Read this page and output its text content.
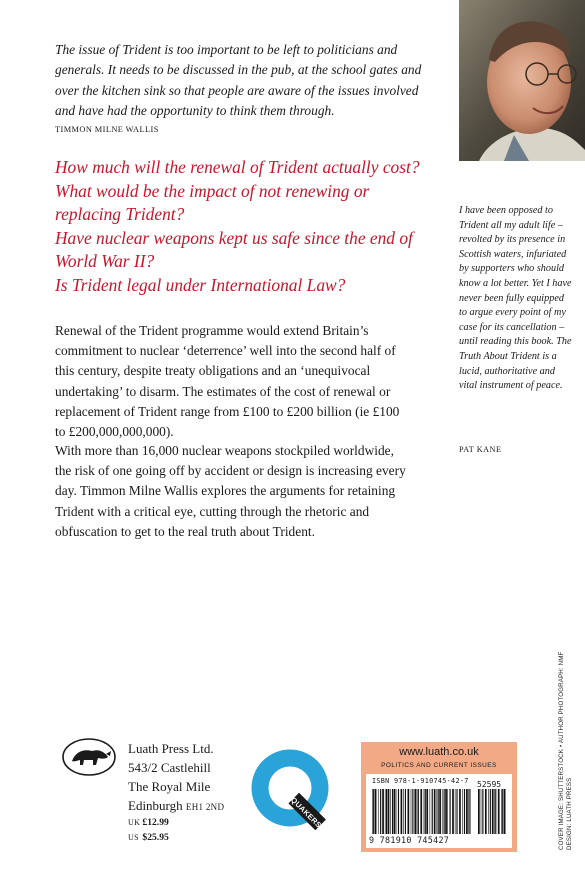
The issue of Trident is too important to be left to politicians and generals. It needs to be discussed in the pub, at the school gates and over the kitchen sink so that people are aware of the issues involved and have had the opportunity to think them through.
TIMMON MILNE WALLIS
How much will the renewal of Trident actually cost?
What would be the impact of not renewing or replacing Trident?
Have nuclear weapons kept us safe since the end of World War II?
Is Trident legal under International Law?

Renewal of the Trident programme would extend Britain’s commitment to nuclear ‘deterrence’ well into the second half of this century, despite treaty obligations and an ‘unequivocal undertaking’ to disarm. The estimates of the cost of renewal or replacement of Trident range from £100 to £200 billion (ie £100 to £200,000,000,000).

With more than 16,000 nuclear weapons stockpiled worldwide, the risk of one going off by accident or design is increasing every day. Timmon Milne Wallis explores the arguments for retaining Trident with a critical eye, cutting through the rhetoric and obfuscation to get to the real truth about Trident.

I have been opposed to Trident all my adult life – revolted by its presence in Scottish waters, infuriated by supporters who should know a lot better. Yet I have never been fully equipped to argue every point of my case for its cancellation – until reading this book. The Truth About Trident is a lucid, authoritative and vital instrument of peace.
PAT KANE
COVER IMAGE: SHUTTERSTOCK • AUTHOR PHOTOGRAPH: NMF DESIGN: LUATH PRESS
Luath Press Ltd.
543/2 Castlehill
The Royal Mile
Edinburgh EH1 2ND
UK £12.99
US $25.95
QUAKERS
www.luath.co.uk
POLITICS AND CURRENT ISSUES
ISBN 978-1-910745-42-7 52595
9 781910 745427
